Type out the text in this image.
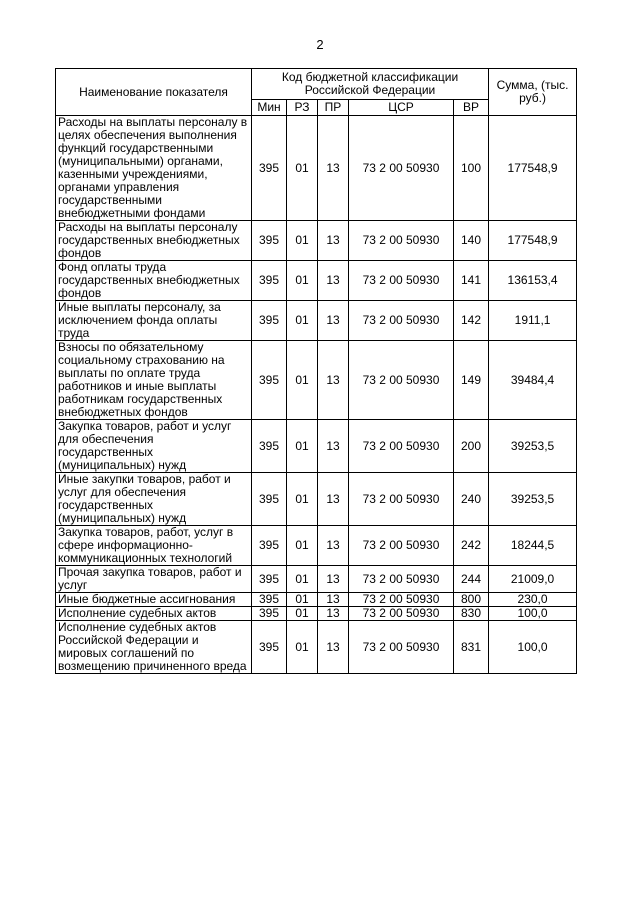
2
Наименование показателя	Код бюджетной классификации Российской Федерации					Сумма, (тыс. руб.)
	Мин	РЗ	ПР	ЦСР	ВР	
Расходы на выплаты персоналу в целях обеспечения выполнения функций государственными (муниципальными) органами, казенными учреждениями, органами управления государственными внебюджетными фондами	395	01	13	73 2 00 50930	100	177548,9
Расходы на выплаты персоналу государственных внебюджетных фондов	395	01	13	73 2 00 50930	140	177548,9
Фонд оплаты труда государственных внебюджетных фондов	395	01	13	73 2 00 50930	141	136153,4
Иные выплаты персоналу, за исключением фонда оплаты труда	395	01	13	73 2 00 50930	142	1911,1
Взносы по обязательному социальному страхованию на выплаты по оплате труда работников и иные выплаты работникам государственных внебюджетных фондов	395	01	13	73 2 00 50930	149	39484,4
Закупка товаров, работ и услуг для обеспечения государственных (муниципальных) нужд	395	01	13	73 2 00 50930	200	39253,5
Иные закупки товаров, работ и услуг для обеспечения государственных (муниципальных) нужд	395	01	13	73 2 00 50930	240	39253,5
Закупка товаров, работ, услуг в сфере информационно-коммуникационных технологий	395	01	13	73 2 00 50930	242	18244,5
Прочая закупка товаров, работ и услуг	395	01	13	73 2 00 50930	244	21009,0
Иные бюджетные ассигнования	395	01	13	73 2 00 50930	800	230,0
Исполнение судебных актов	395	01	13	73 2 00 50930	830	100,0
Исполнение судебных актов Российской Федерации и мировых соглашений по возмещению причиненного вреда	395	01	13	73 2 00 50930	831	100,0
